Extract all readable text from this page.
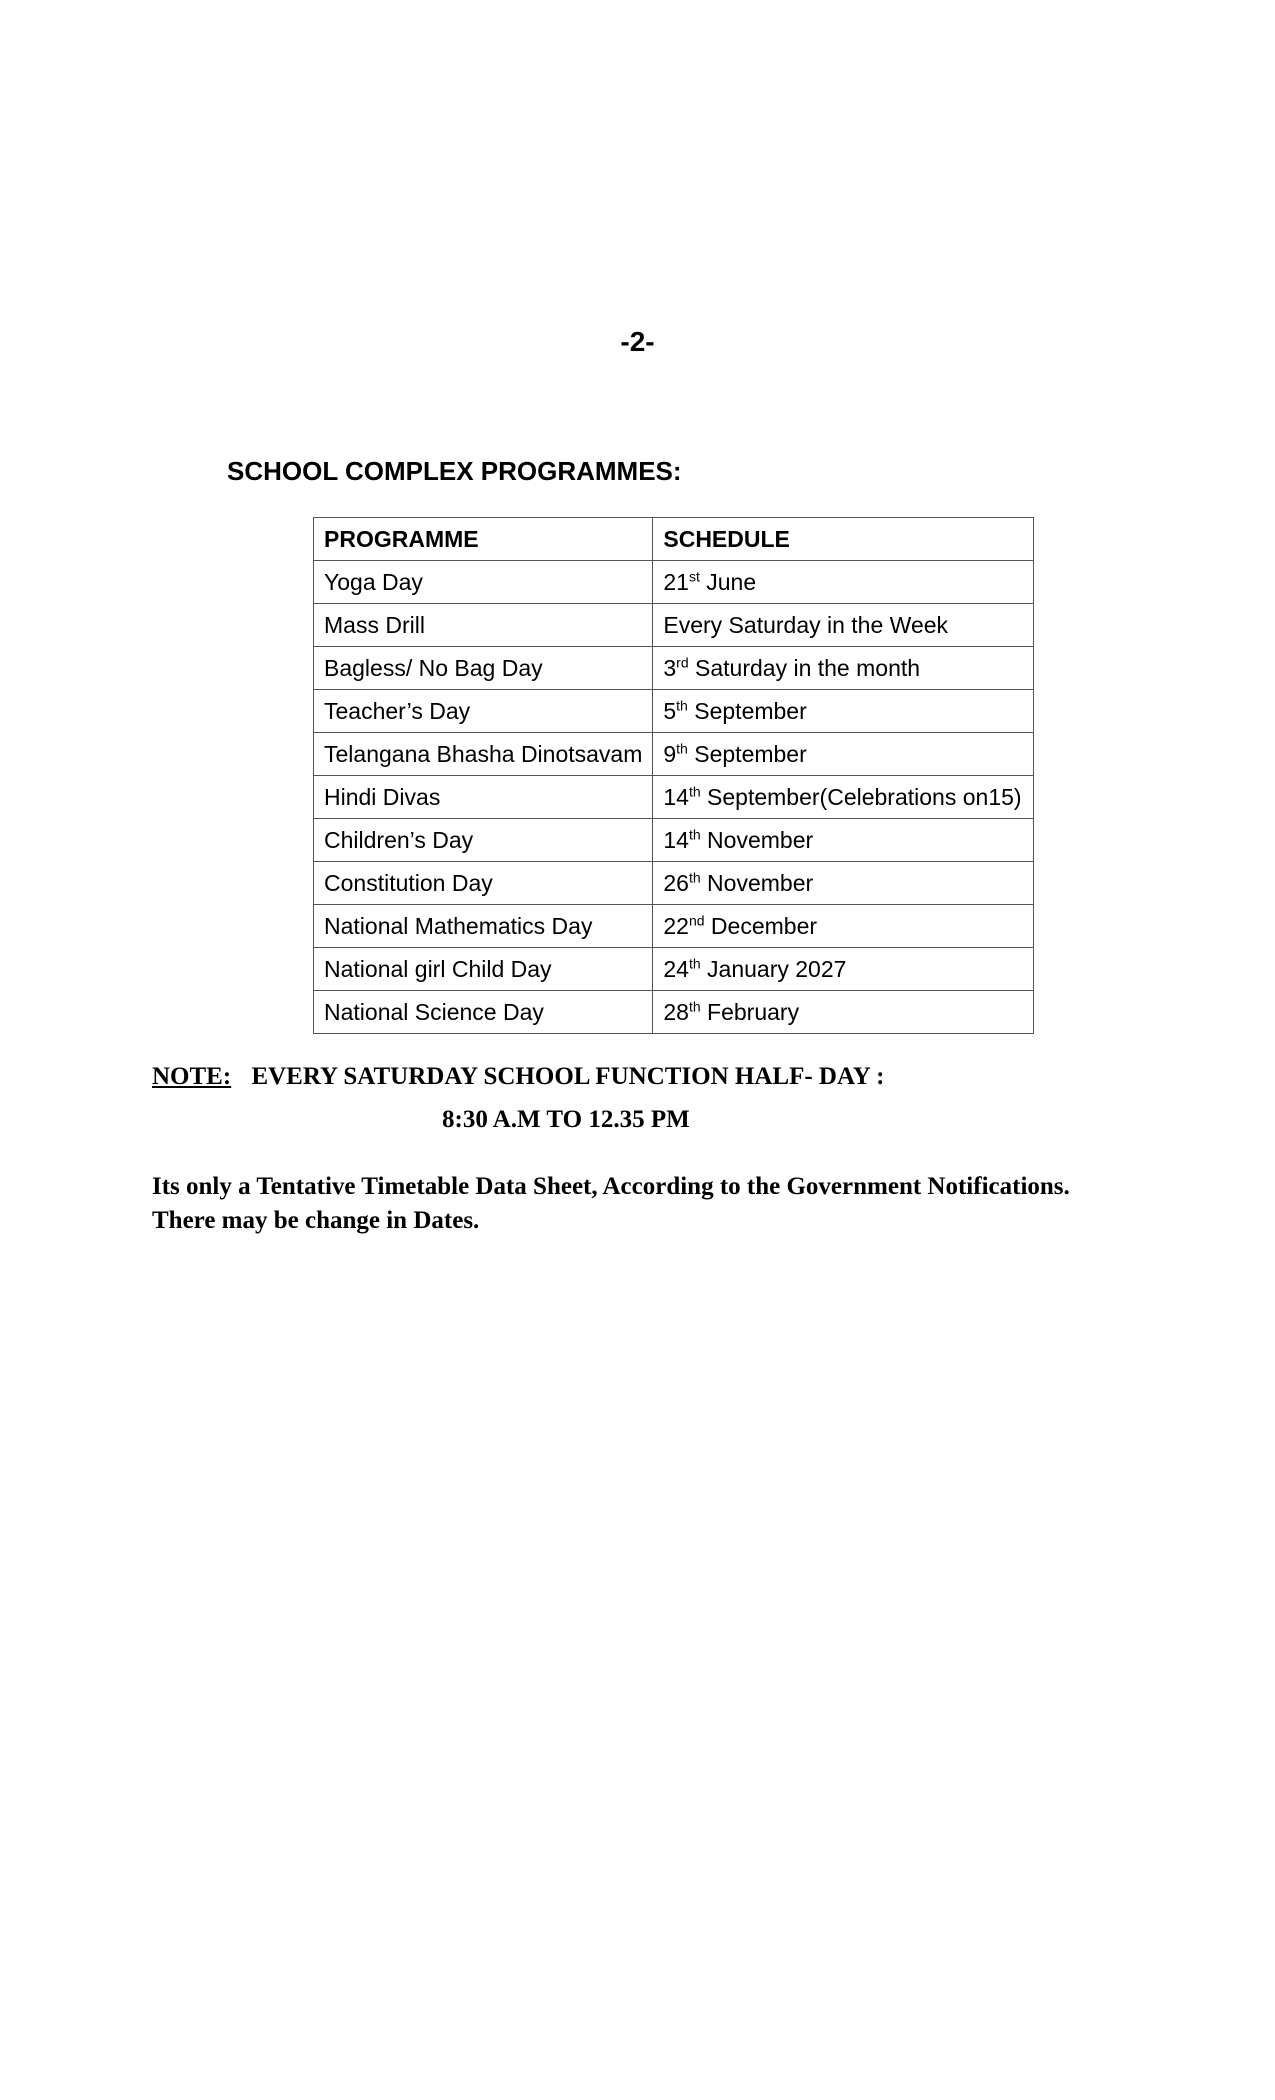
-2-
SCHOOL COMPLEX PROGRAMMES:
PROGRAMME	SCHEDULE
Yoga Day	21st June
Mass Drill	Every Saturday in the Week
Bagless/ No Bag Day	3rd Saturday in the month
Teacher’s Day	5th September
Telangana Bhasha Dinotsavam	9th September
Hindi Divas	14th September(Celebrations on15)
Children’s Day	14th November
Constitution Day	26th November
National Mathematics Day	22nd December
National girl Child Day	24th January 2027
National Science Day	28th February
NOTE: EVERY SATURDAY SCHOOL FUNCTION HALF- DAY :
8:30 A.M TO 12.35 PM
Its only a Tentative Timetable Data Sheet, According to the Government Notifications.
There may be change in Dates.
